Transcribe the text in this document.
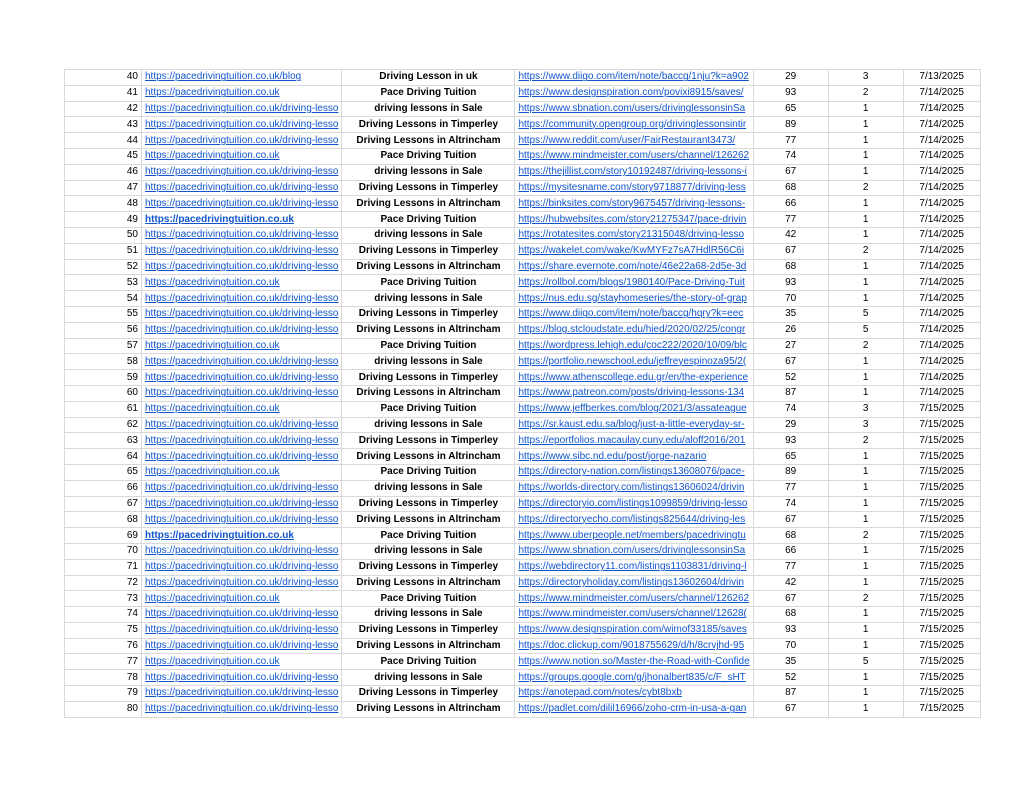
40	https://pacedrivingtuition.co.uk/blog	Driving Lesson in uk	https://www.diigo.com/item/note/baccg/1nju?k=a902	29	3	7/13/2025
41	https://pacedrivingtuition.co.uk	Pace Driving Tuition	https://www.designspiration.com/povixi8915/saves/	93	2	7/14/2025
42	https://pacedrivingtuition.co.uk/driving-lesso	driving lessons in Sale	https://www.sbnation.com/users/drivinglessonsinSa	65	1	7/14/2025
43	https://pacedrivingtuition.co.uk/driving-lesso	Driving Lessons in Timperley	https://community.opengroup.org/drivinglessonsintir	89	1	7/14/2025
44	https://pacedrivingtuition.co.uk/driving-lesso	Driving Lessons in Altrincham	https://www.reddit.com/user/FairRestaurant3473/	77	1	7/14/2025
45	https://pacedrivingtuition.co.uk	Pace Driving Tuition	https://www.mindmeister.com/users/channel/126262	74	1	7/14/2025
46	https://pacedrivingtuition.co.uk/driving-lesso	driving lessons in Sale	https://thejillist.com/story10192487/driving-lessons-i	67	1	7/14/2025
47	https://pacedrivingtuition.co.uk/driving-lesso	Driving Lessons in Timperley	https://mysitesname.com/story9718877/driving-less	68	2	7/14/2025
48	https://pacedrivingtuition.co.uk/driving-lesso	Driving Lessons in Altrincham	https://binksites.com/story9675457/driving-lessons-	66	1	7/14/2025
49	https://pacedrivingtuition.co.uk	Pace Driving Tuition	https://hubwebsites.com/story21275347/pace-drivin	77	1	7/14/2025
50	https://pacedrivingtuition.co.uk/driving-lesso	driving lessons in Sale	https://rotatesites.com/story21315048/driving-lesso	42	1	7/14/2025
51	https://pacedrivingtuition.co.uk/driving-lesso	Driving Lessons in Timperley	https://wakelet.com/wake/KwMYFz7sA7HdlR56C6i	67	2	7/14/2025
52	https://pacedrivingtuition.co.uk/driving-lesso	Driving Lessons in Altrincham	https://share.evernote.com/note/46e22a68-2d5e-3d	68	1	7/14/2025
53	https://pacedrivingtuition.co.uk	Pace Driving Tuition	https://rollbol.com/blogs/1980140/Pace-Driving-Tuit	93	1	7/14/2025
54	https://pacedrivingtuition.co.uk/driving-lesso	driving lessons in Sale	https://nus.edu.sg/stayhomeseries/the-story-of-grap	70	1	7/14/2025
55	https://pacedrivingtuition.co.uk/driving-lesso	Driving Lessons in Timperley	https://www.diigo.com/item/note/baccg/hqry?k=eec	35	5	7/14/2025
56	https://pacedrivingtuition.co.uk/driving-lesso	Driving Lessons in Altrincham	https://blog.stcloudstate.edu/hied/2020/02/25/congr	26	5	7/14/2025
57	https://pacedrivingtuition.co.uk	Pace Driving Tuition	https://wordpress.lehigh.edu/coc222/2020/10/09/blc	27	2	7/14/2025
58	https://pacedrivingtuition.co.uk/driving-lesso	driving lessons in Sale	https://portfolio.newschool.edu/jeffreyespinoza95/2(	67	1	7/14/2025
59	https://pacedrivingtuition.co.uk/driving-lesso	Driving Lessons in Timperley	https://www.athenscollege.edu.gr/en/the-experience	52	1	7/14/2025
60	https://pacedrivingtuition.co.uk/driving-lesso	Driving Lessons in Altrincham	https://www.patreon.com/posts/driving-lessons-134	87	1	7/14/2025
61	https://pacedrivingtuition.co.uk	Pace Driving Tuition	https://www.jeffberkes.com/blog/2021/3/assateague	74	3	7/15/2025
62	https://pacedrivingtuition.co.uk/driving-lesso	driving lessons in Sale	https://sr.kaust.edu.sa/blog/just-a-little-everyday-sr-	29	3	7/15/2025
63	https://pacedrivingtuition.co.uk/driving-lesso	Driving Lessons in Timperley	https://eportfolios.macaulay.cuny.edu/aloff2016/201	93	2	7/15/2025
64	https://pacedrivingtuition.co.uk/driving-lesso	Driving Lessons in Altrincham	https://www.sibc.nd.edu/post/jorge-nazario	65	1	7/15/2025
65	https://pacedrivingtuition.co.uk	Pace Driving Tuition	https://directory-nation.com/listings13608076/pace-	89	1	7/15/2025
66	https://pacedrivingtuition.co.uk/driving-lesso	driving lessons in Sale	https://worlds-directory.com/listings13606024/drivin	77	1	7/15/2025
67	https://pacedrivingtuition.co.uk/driving-lesso	Driving Lessons in Timperley	https://directoryio.com/listings1099859/driving-lesso	74	1	7/15/2025
68	https://pacedrivingtuition.co.uk/driving-lesso	Driving Lessons in Altrincham	https://directoryecho.com/listings825644/driving-les	67	1	7/15/2025
69	https://pacedrivingtuition.co.uk	Pace Driving Tuition	https://www.uberpeople.net/members/pacedrivingtu	68	2	7/15/2025
70	https://pacedrivingtuition.co.uk/driving-lesso	driving lessons in Sale	https://www.sbnation.com/users/drivinglessonsinSa	66	1	7/15/2025
71	https://pacedrivingtuition.co.uk/driving-lesso	Driving Lessons in Timperley	https://webdirectory11.com/listings1103831/driving-l	77	1	7/15/2025
72	https://pacedrivingtuition.co.uk/driving-lesso	Driving Lessons in Altrincham	https://directoryholiday.com/listings13602604/drivin	42	1	7/15/2025
73	https://pacedrivingtuition.co.uk	Pace Driving Tuition	https://www.mindmeister.com/users/channel/126262	67	2	7/15/2025
74	https://pacedrivingtuition.co.uk/driving-lesso	driving lessons in Sale	https://www.mindmeister.com/users/channel/12628(	68	1	7/15/2025
75	https://pacedrivingtuition.co.uk/driving-lesso	Driving Lessons in Timperley	https://www.designspiration.com/wimof33185/saves	93	1	7/15/2025
76	https://pacedrivingtuition.co.uk/driving-lesso	Driving Lessons in Altrincham	https://doc.clickup.com/9018755629/d/h/8crvjhd-95	70	1	7/15/2025
77	https://pacedrivingtuition.co.uk	Pace Driving Tuition	https://www.notion.so/Master-the-Road-with-Confide	35	5	7/15/2025
78	https://pacedrivingtuition.co.uk/driving-lesso	driving lessons in Sale	https://groups.google.com/g/jhonalbert835/c/F_sHT	52	1	7/15/2025
79	https://pacedrivingtuition.co.uk/driving-lesso	Driving Lessons in Timperley	https://anotepad.com/notes/cybt8bxb	87	1	7/15/2025
80	https://pacedrivingtuition.co.uk/driving-lesso	Driving Lessons in Altrincham	https://padlet.com/dilil16966/zoho-crm-in-usa-a-gan	67	1	7/15/2025
